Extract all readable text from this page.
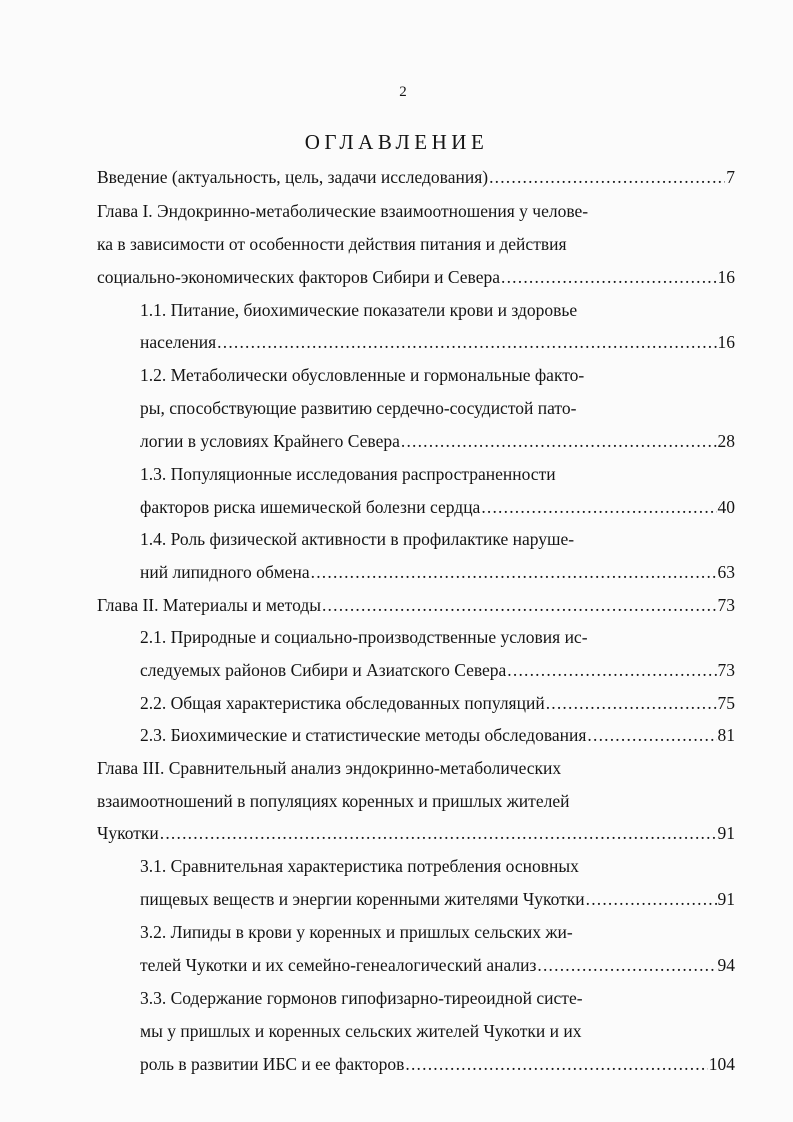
2
ОГЛАВЛЕНИЕ
Введение (актуальность, цель, задачи исследования) .....	7
Глава I. Эндокринно-метаболические взаимоотношения у челове-
ка в зависимости от особенности действия питания и действия
социально-экономических факторов Сибири и Севера .....	16
1.1. Питание, биохимические показатели крови и здоровье
населения .....	16
1.2. Метаболически обусловленные и гормональные факто-
ры, способствующие развитию сердечно-сосудистой пато-
логии в условиях Крайнего Севера .....	28
1.3. Популяционные исследования распространенности
факторов риска ишемической болезни сердца .....	40
1.4. Роль физической активности в профилактике наруше-
ний липидного обмена .....	63
Глава II. Материалы и методы .....	73
2.1. Природные и социально-производственные условия ис-
следуемых районов Сибири и Азиатского Севера .....	73
2.2. Общая характеристика обследованных популяций .....	75
2.3. Биохимические и статистические методы обследования .....	81
Глава III. Сравнительный анализ эндокринно-метаболических
взаимоотношений в популяциях коренных и пришлых жителей
Чукотки .....	91
3.1. Сравнительная характеристика потребления основных
пищевых веществ и энергии коренными жителями Чукотки .....	91
3.2. Липиды в крови у коренных и пришлых сельских жи-
телей Чукотки и их семейно-генеалогический анализ .....	94
3.3. Содержание гормонов гипофизарно-тиреоидной систе-
мы у пришлых и коренных сельских жителей Чукотки и их
роль в развитии ИБС и ее факторов .....	104
